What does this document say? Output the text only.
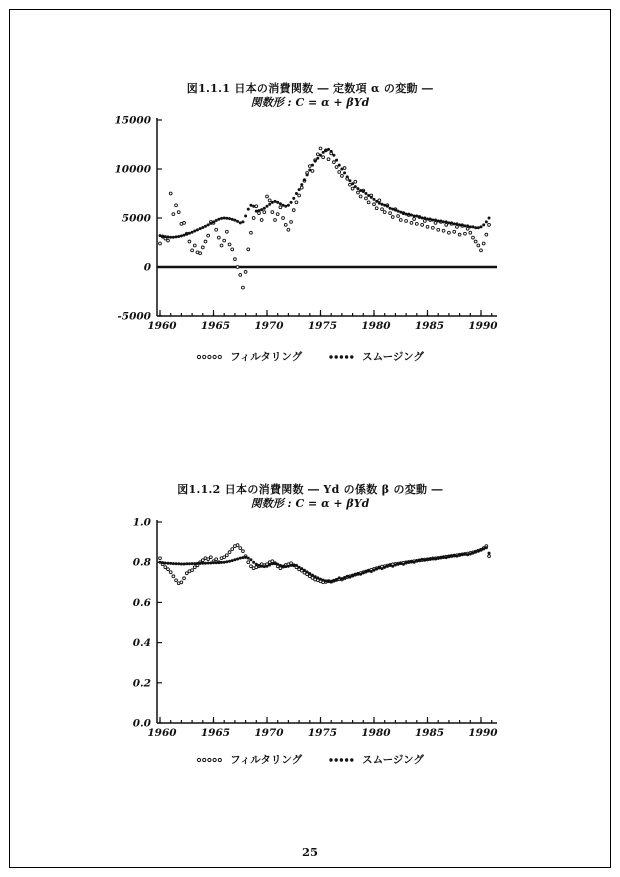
図1.1.1 日本の消費関数 ― 定数項 α の変動 ―
関数形 : C = α + βYd
-5000
0
5000
10000
15000
1960 1965 1970 1975 1980 1985 1990
フィルタリング	スムージング
図1.1.2 日本の消費関数 ― Yd の係数 β の変動 ―
関数形 : C = α + βYd
0.0
0.2
0.4
0.6
0.8
1.0
1960 1965 1970 1975 1980 1985 1990
フィルタリング	スムージング
25
